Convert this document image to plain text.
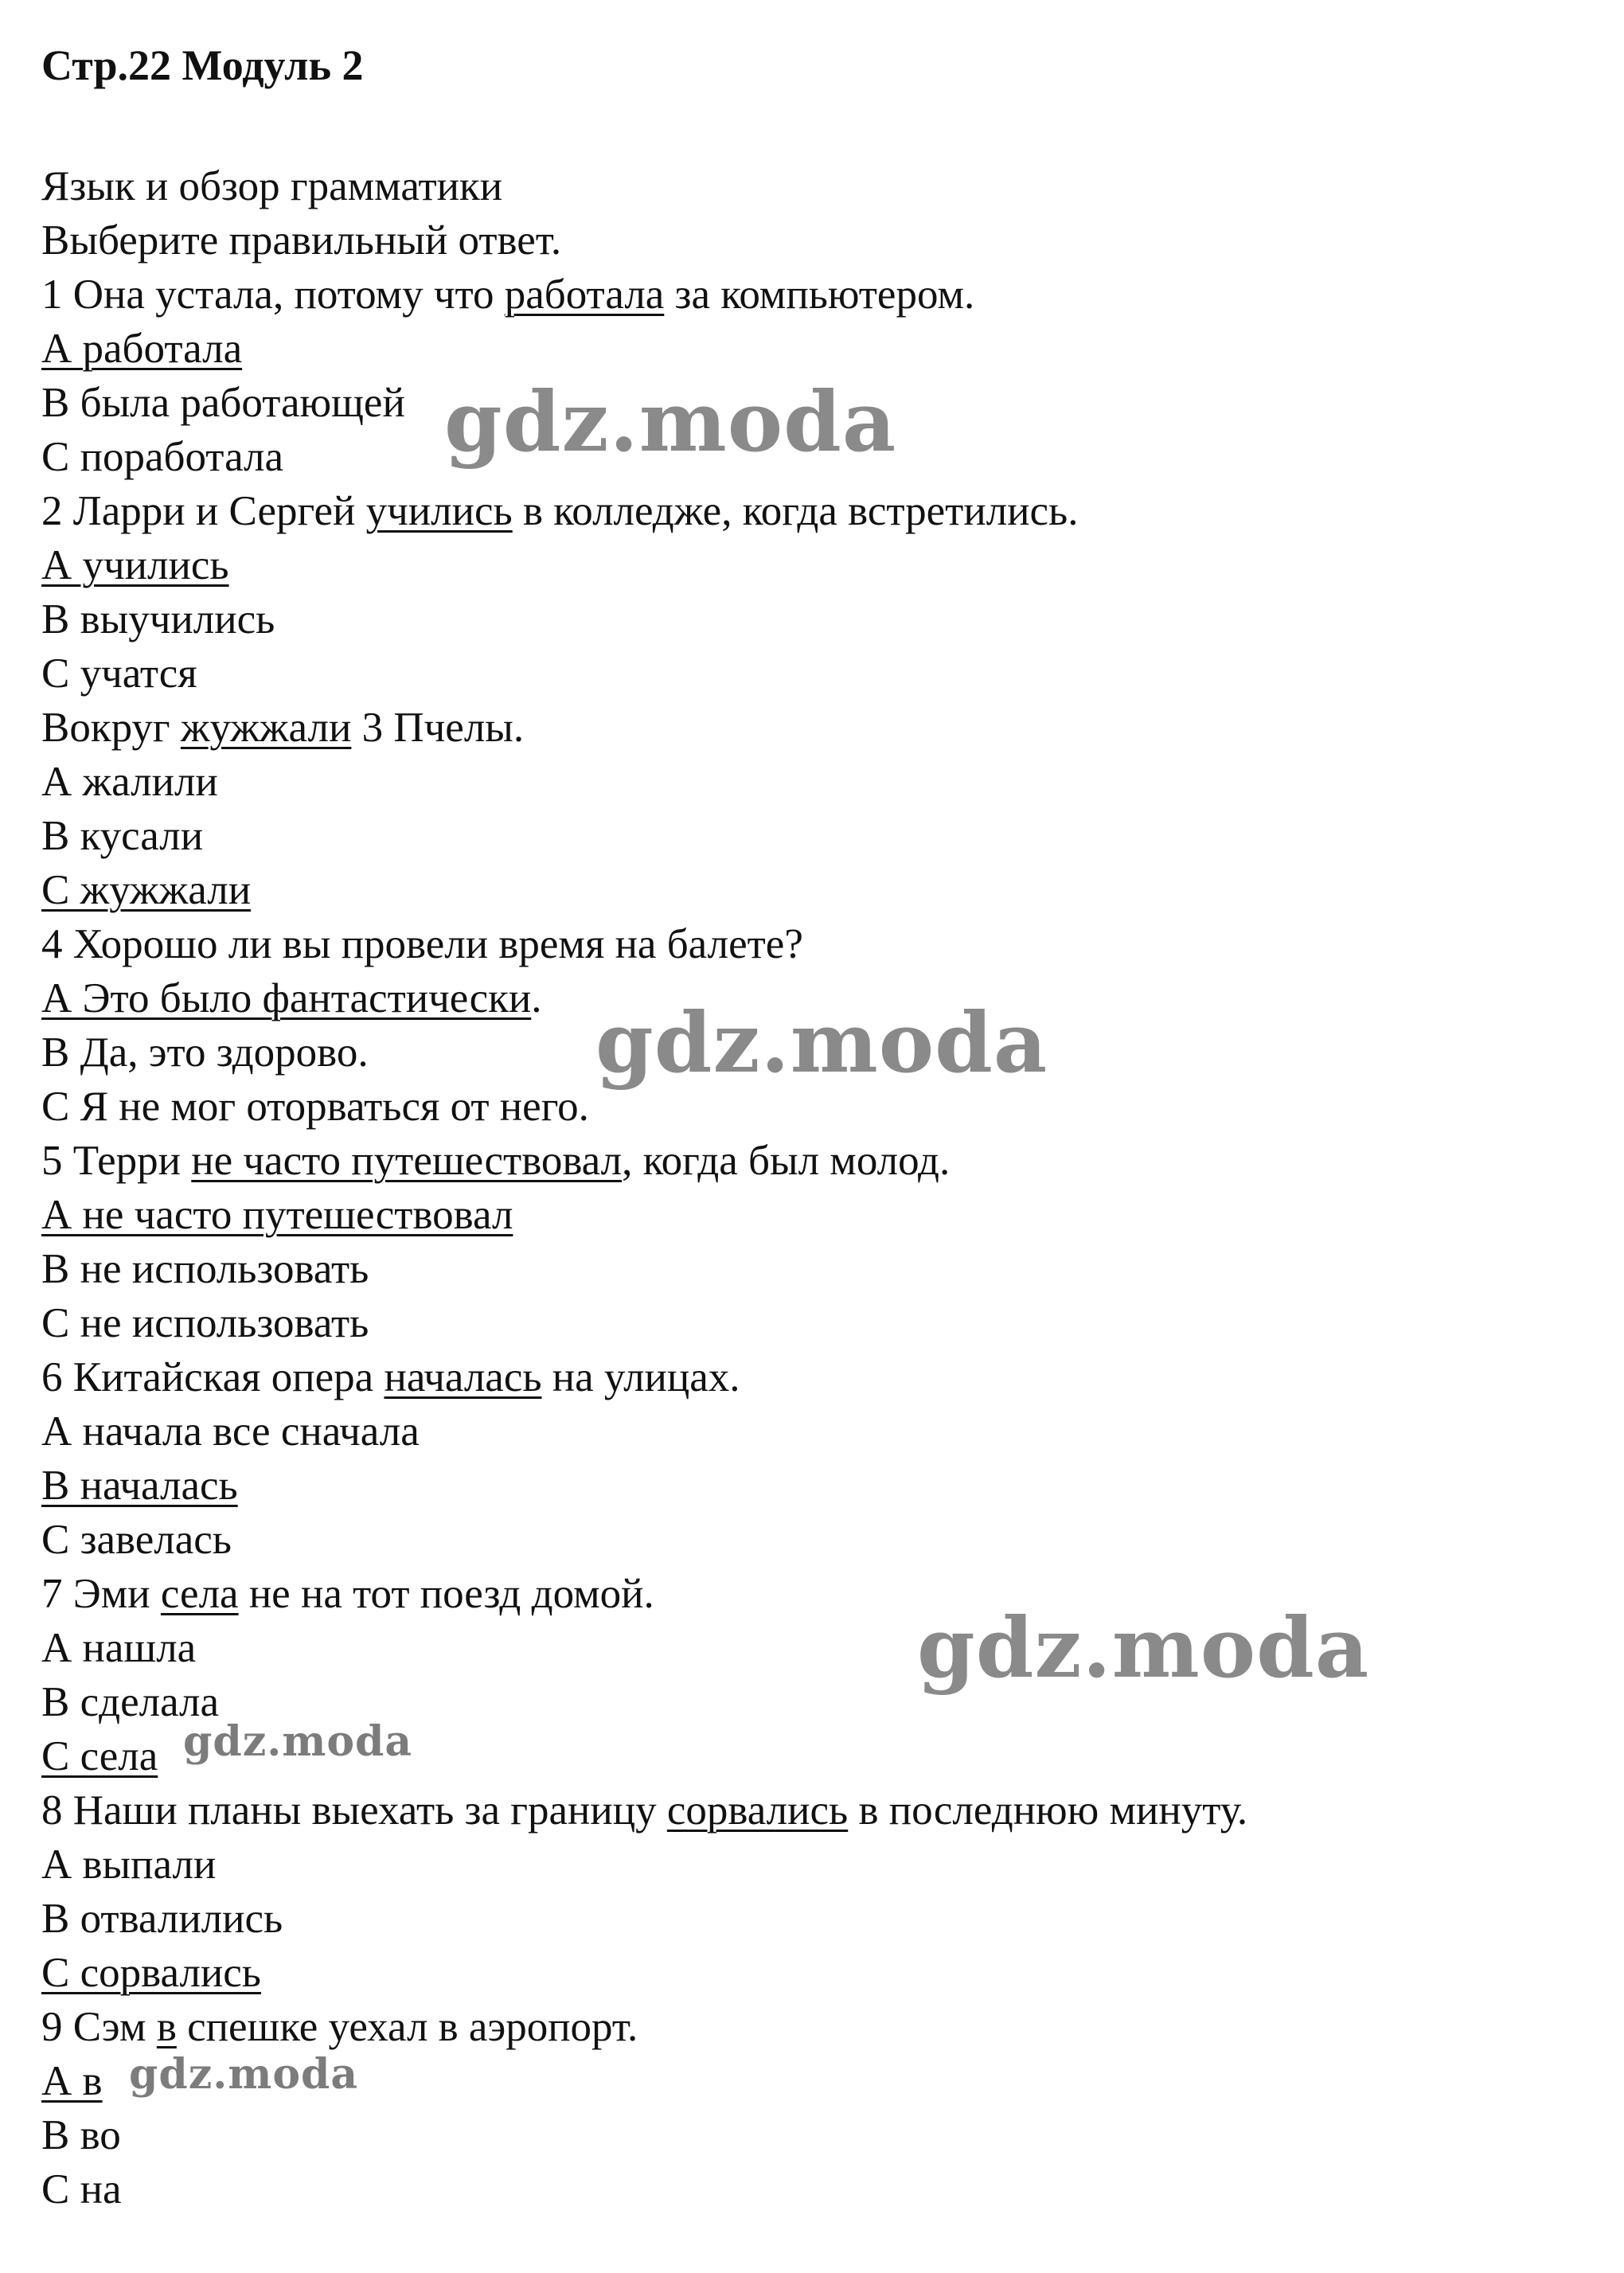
Стр.22 Модуль 2
Язык и обзор грамматики
Выберите правильный ответ.
1 Она устала, потому что работала за компьютером.
А работала
В была работающей
С поработала
2 Ларри и Сергей учились в колледже, когда встретились.
А учились
В выучились
С учатся
Вокруг жужжали 3 Пчелы.
А жалили
В кусали
С жужжали
4 Хорошо ли вы провели время на балете?
А Это было фантастически.
В Да, это здорово.
С Я не мог оторваться от него.
5 Терри не часто путешествовал, когда был молод.
А не часто путешествовал
В не использовать
С не использовать
6 Китайская опера началась на улицах.
А начала все сначала
В началась
С завелась
7 Эми села не на тот поезд домой.
А нашла
В сделала
С села
8 Наши планы выехать за границу сорвались в последнюю минуту.
А выпали
В отвалились
С сорвались
9 Сэм в спешке уехал в аэропорт.
А в
В во
С на
gdz.moda
gdz.moda
gdz.moda
gdz.moda
gdz.moda
